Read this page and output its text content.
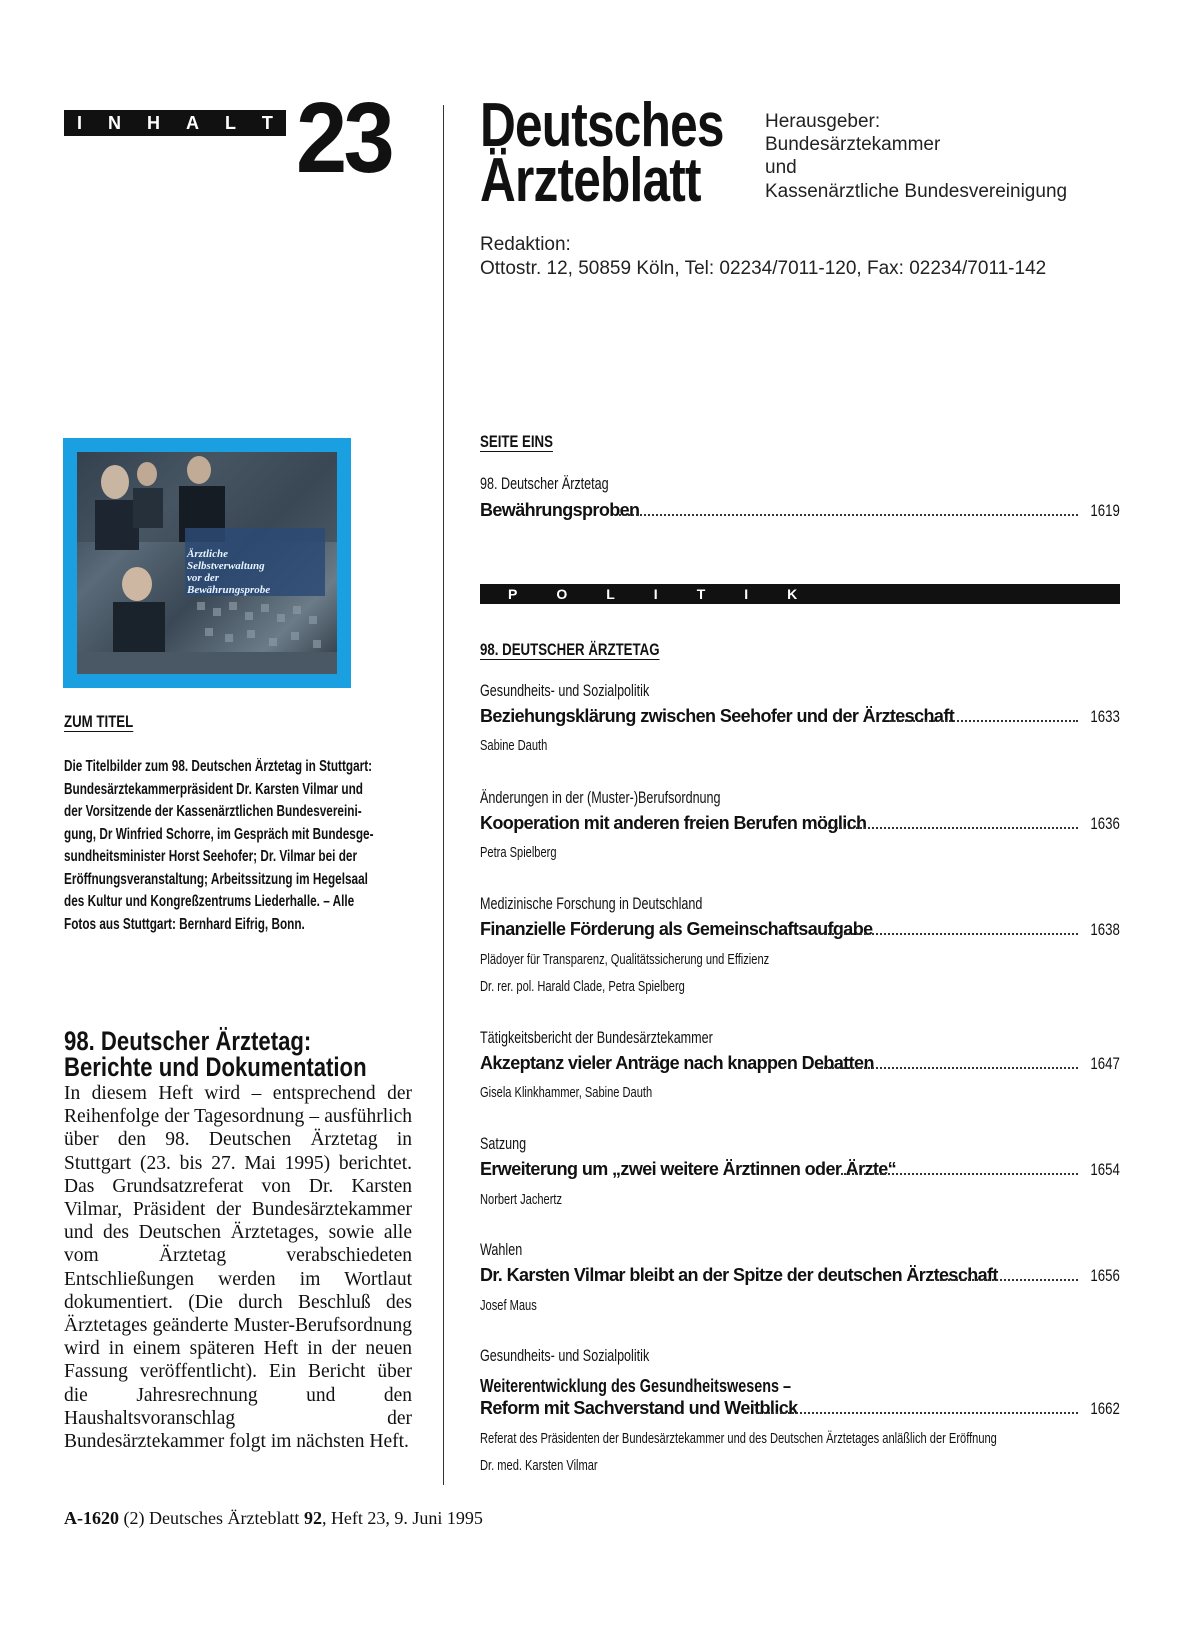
I N H A L T 23 Deutsches
Ärzteblatt
Herausgeber:
Bundesärztekammer
und
Kassenärztliche Bundesvereinigung
Redaktion:
Ottostr. 12, 50859 Köln, Tel: 02234/7011-120, Fax: 02234/7011-142
Ärztliche
Selbstverwaltung
vor der
Bewährungsprobe
ZUM TITEL
Die Titelbilder zum 98. Deutschen Ärztetag in Stuttgart:
Bundesärztekammerpräsident Dr. Karsten Vilmar und
der Vorsitzende der Kassenärztlichen Bundesvereini-
gung, Dr Winfried Schorre, im Gespräch mit Bundesge-
sundheitsminister Horst Seehofer; Dr. Vilmar bei der
Eröffnungsveranstaltung; Arbeitssitzung im Hegelsaal
des Kultur und Kongreßzentrums Liederhalle. – Alle
Fotos aus Stuttgart: Bernhard Eifrig, Bonn.
98. Deutscher Ärztetag:
Berichte und Dokumentation
In diesem Heft wird – entsprechend der Reihenfolge der Tagesordnung – ausführlich über den 98. Deutschen Ärztetag in Stuttgart (23. bis 27. Mai 1995) berichtet. Das Grundsatzreferat von Dr. Karsten Vilmar, Präsident der Bundesärztekammer und des Deutschen Ärztetages, sowie alle vom Ärztetag verabschiedeten Entschließungen werden im Wortlaut dokumentiert. (Die durch Beschluß des Ärztetages geänderte Muster-Berufsordnung wird in einem späteren Heft in der neuen Fassung veröffentlicht). Ein Bericht über die Jahresrechnung und den Haushaltsvoranschlag der Bundesärztekammer folgt im nächsten Heft.
A-1620 (2) Deutsches Ärzteblatt 92, Heft 23, 9. Juni 1995
SEITE EINS
98. Deutscher Ärztetag
Bewährungsproben	1619
P	O	L	I	T	I	K
98. DEUTSCHER ÄRZTETAG
Gesundheits- und Sozialpolitik
Beziehungsklärung zwischen Seehofer und der Ärzteschaft	1633
Sabine Dauth
Änderungen in der (Muster-)Berufsordnung
Kooperation mit anderen freien Berufen möglich	1636
Petra Spielberg
Medizinische Forschung in Deutschland
Finanzielle Förderung als Gemeinschaftsaufgabe	1638
Plädoyer für Transparenz, Qualitätssicherung und Effizienz
Dr. rer. pol. Harald Clade, Petra Spielberg
Tätigkeitsbericht der Bundesärztekammer
Akzeptanz vieler Anträge nach knappen Debatten	1647
Gisela Klinkhammer, Sabine Dauth
Satzung
Erweiterung um „zwei weitere Ärztinnen oder Ärzte“	1654
Norbert Jachertz
Wahlen
Dr. Karsten Vilmar bleibt an der Spitze der deutschen Ärzteschaft	1656
Josef Maus
Gesundheits- und Sozialpolitik
Weiterentwicklung des Gesundheitswesens –
Reform mit Sachverstand und Weitblick	1662
Referat des Präsidenten der Bundesärztekammer und des Deutschen Ärztetages anläßlich der Eröffnung
Dr. med. Karsten Vilmar
